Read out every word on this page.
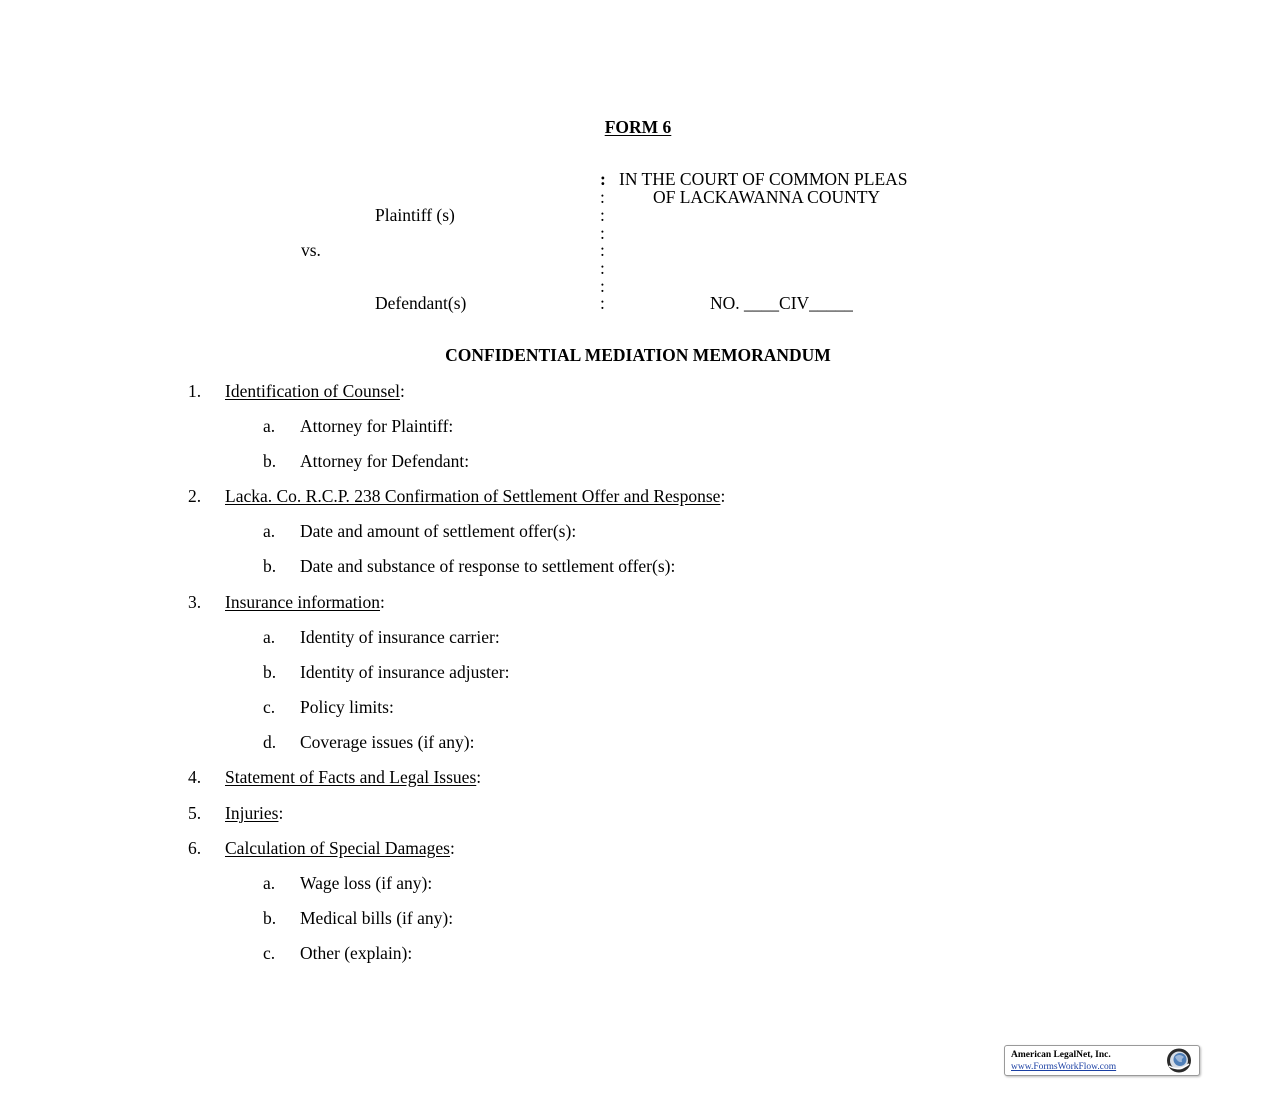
FORM 6
:
:
:
:
:
:
:
:
IN THE COURT OF COMMON PLEAS
OF LACKAWANNA COUNTY
Plaintiff (s)
vs.
Defendant(s)	NO. ____CIV_____
CONFIDENTIAL MEDIATION MEMORANDUM
1. Identification of Counsel:
a. Attorney for Plaintiff:
b. Attorney for Defendant:
2. Lacka. Co. R.C.P. 238 Confirmation of Settlement Offer and Response:
a. Date and amount of settlement offer(s):
b. Date and substance of response to settlement offer(s):
3. Insurance information:
a. Identity of insurance carrier:
b. Identity of insurance adjuster:
c. Policy limits:
d. Coverage issues (if any):
4. Statement of Facts and Legal Issues:
5. Injuries:
6. Calculation of Special Damages:
a. Wage loss (if any):
b. Medical bills (if any):
c. Other (explain):
American LegalNet, Inc.
www.FormsWorkFlow.com
